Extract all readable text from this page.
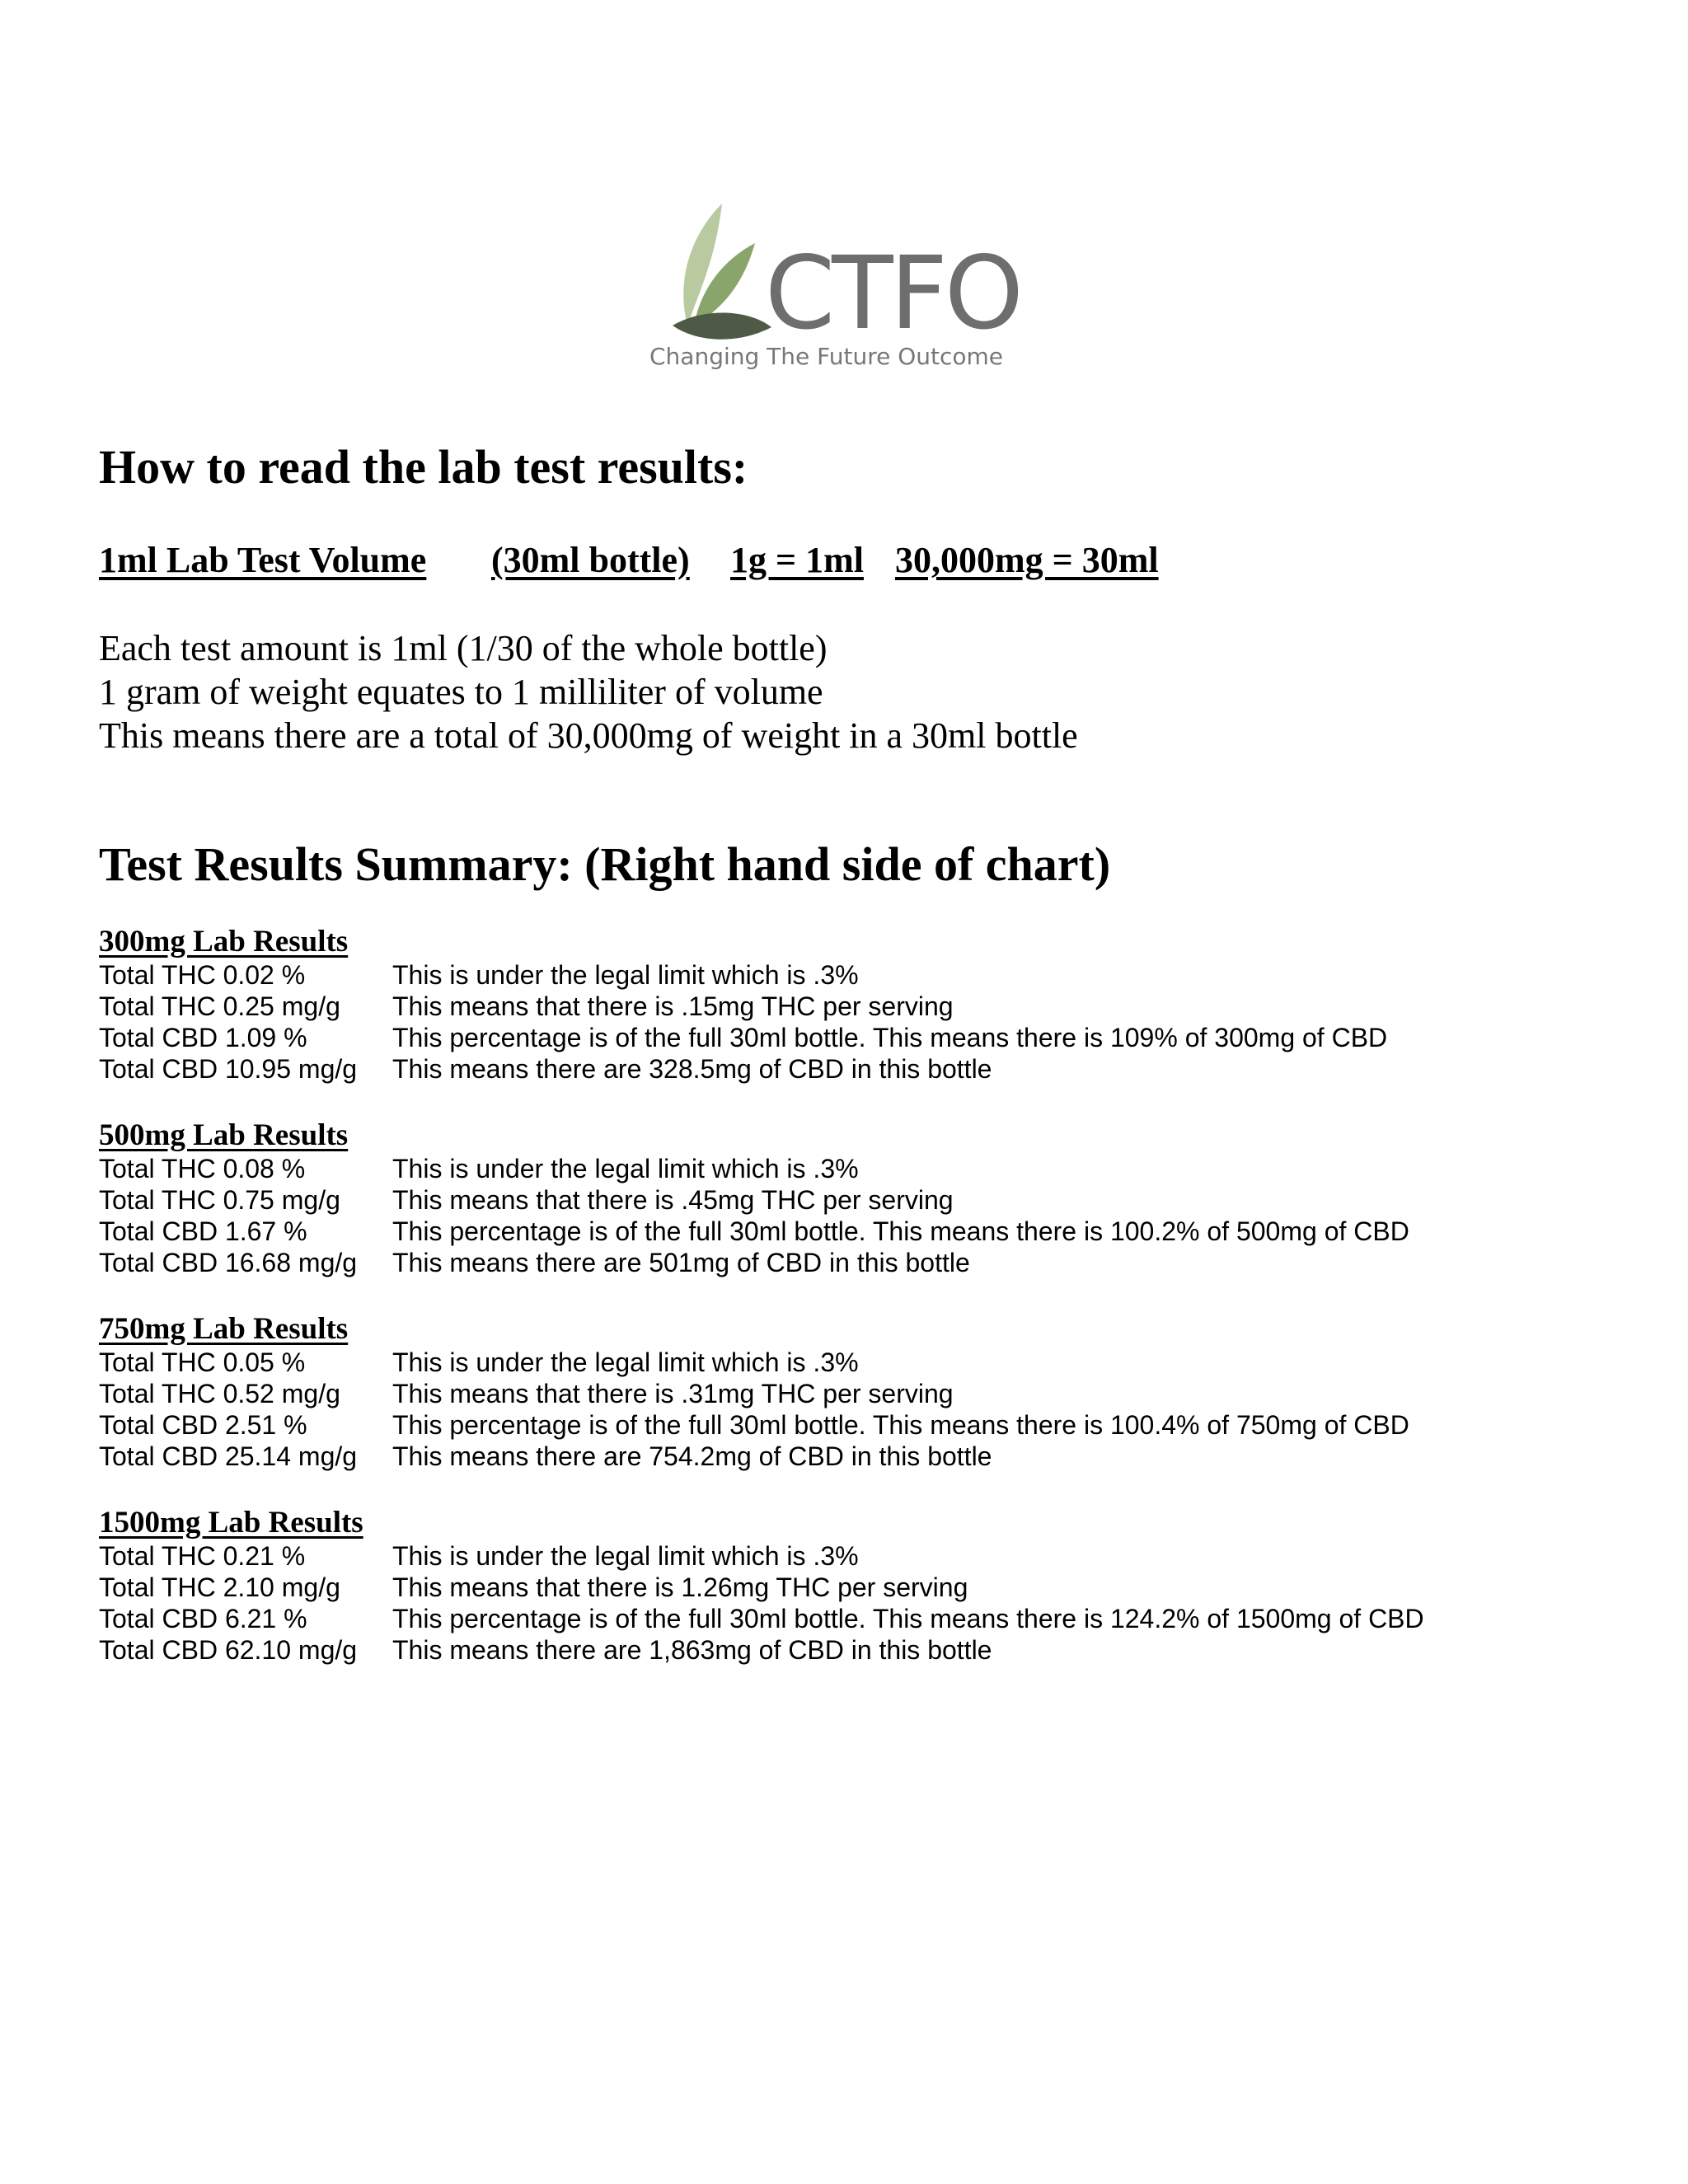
CTFO
Changing The Future Outcome
How to read the lab test results:
1ml Lab Test Volume (30ml bottle) 1g = 1ml 30,000mg = 30ml
Each test amount is 1ml (1/30 of the whole bottle)
1 gram of weight equates to 1 milliliter of volume
This means there are a total of 30,000mg of weight in a 30ml bottle
Test Results Summary: (Right hand side of chart)
300mg Lab Results
Total THC 0.02 %	This is under the legal limit which is .3%
Total THC 0.25 mg/g This means that there is .15mg THC per serving
Total CBD 1.09 %	This percentage is of the full 30ml bottle. This means there is 109% of 300mg of CBD
Total CBD 10.95 mg/g This means there are 328.5mg of CBD in this bottle
500mg Lab Results
Total THC 0.08 %	This is under the legal limit which is .3%
Total THC 0.75 mg/g This means that there is .45mg THC per serving
Total CBD 1.67 %	This percentage is of the full 30ml bottle. This means there is 100.2% of 500mg of CBD
Total CBD 16.68 mg/g This means there are 501mg of CBD in this bottle
750mg Lab Results
Total THC 0.05 %	This is under the legal limit which is .3%
Total THC 0.52 mg/g This means that there is .31mg THC per serving
Total CBD 2.51 %	This percentage is of the full 30ml bottle. This means there is 100.4% of 750mg of CBD
Total CBD 25.14 mg/g This means there are 754.2mg of CBD in this bottle
1500mg Lab Results
Total THC 0.21 %	This is under the legal limit which is .3%
Total THC 2.10 mg/g This means that there is 1.26mg THC per serving
Total CBD 6.21 %	This percentage is of the full 30ml bottle. This means there is 124.2% of 1500mg of CBD
Total CBD 62.10 mg/g This means there are 1,863mg of CBD in this bottle
